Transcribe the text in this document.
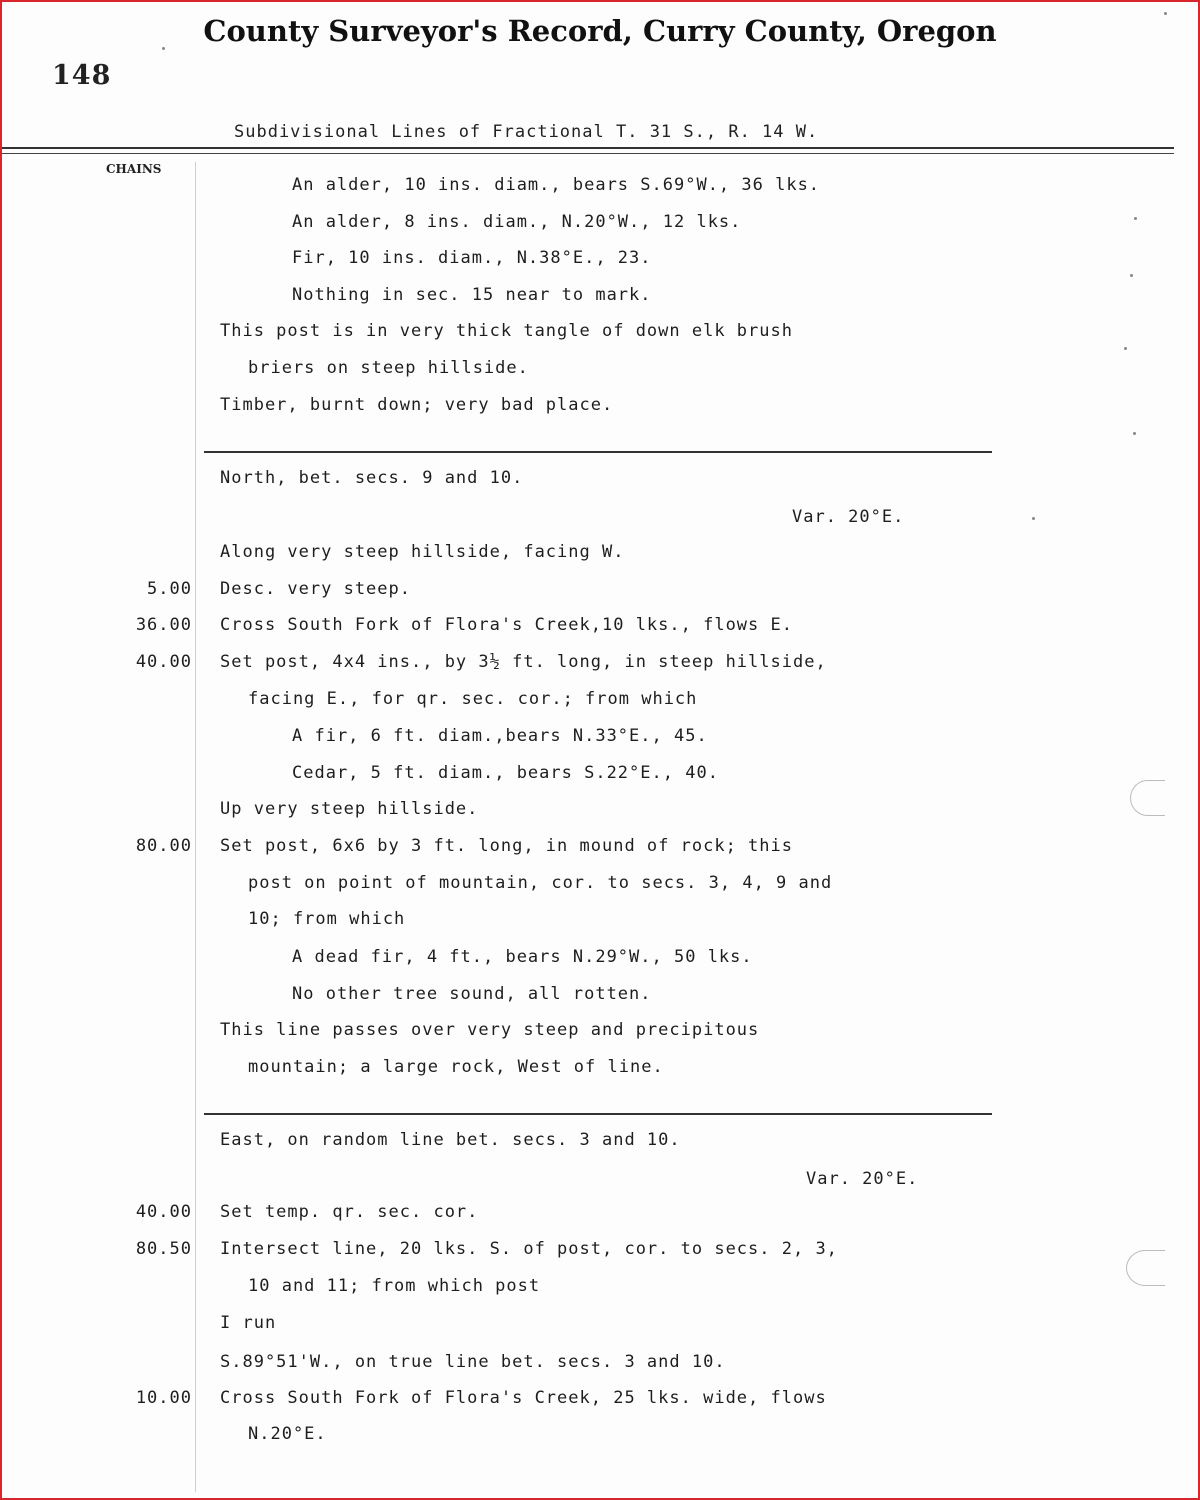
County Surveyor's Record, Curry County, Oregon
148
Subdivisional Lines of Fractional T. 31 S., R. 14 W.
CHAINS
An alder, 10 ins. diam., bears S.69°W., 36 lks.
An alder, 8 ins. diam., N.20°W., 12 lks.
Fir, 10 ins. diam., N.38°E., 23.
Nothing in sec. 15 near to mark.
This post is in very thick tangle of down elk brush
briers on steep hillside.
Timber, burnt down; very bad place.
North, bet. secs. 9 and 10.
Var. 20°E.
Along very steep hillside, facing W.
5.00 Desc. very steep.
36.00 Cross South Fork of Flora's Creek,10 lks., flows E.
40.00 Set post, 4x4 ins., by 3½ ft. long, in steep hillside,
facing E., for qr. sec. cor.; from which
A fir, 6 ft. diam.,bears N.33°E., 45.
Cedar, 5 ft. diam., bears S.22°E., 40.
Up very steep hillside.
80.00 Set post, 6x6 by 3 ft. long, in mound of rock; this
post on point of mountain, cor. to secs. 3, 4, 9 and
10; from which
A dead fir, 4 ft., bears N.29°W., 50 lks.
No other tree sound, all rotten.
This line passes over very steep and precipitous
mountain; a large rock, West of line.
East, on random line bet. secs. 3 and 10.
Var. 20°E.
40.00 Set temp. qr. sec. cor.
80.50 Intersect line, 20 lks. S. of post, cor. to secs. 2, 3,
10 and 11; from which post
I run
S.89°51'W., on true line bet. secs. 3 and 10.
10.00 Cross South Fork of Flora's Creek, 25 lks. wide, flows
N.20°E.
